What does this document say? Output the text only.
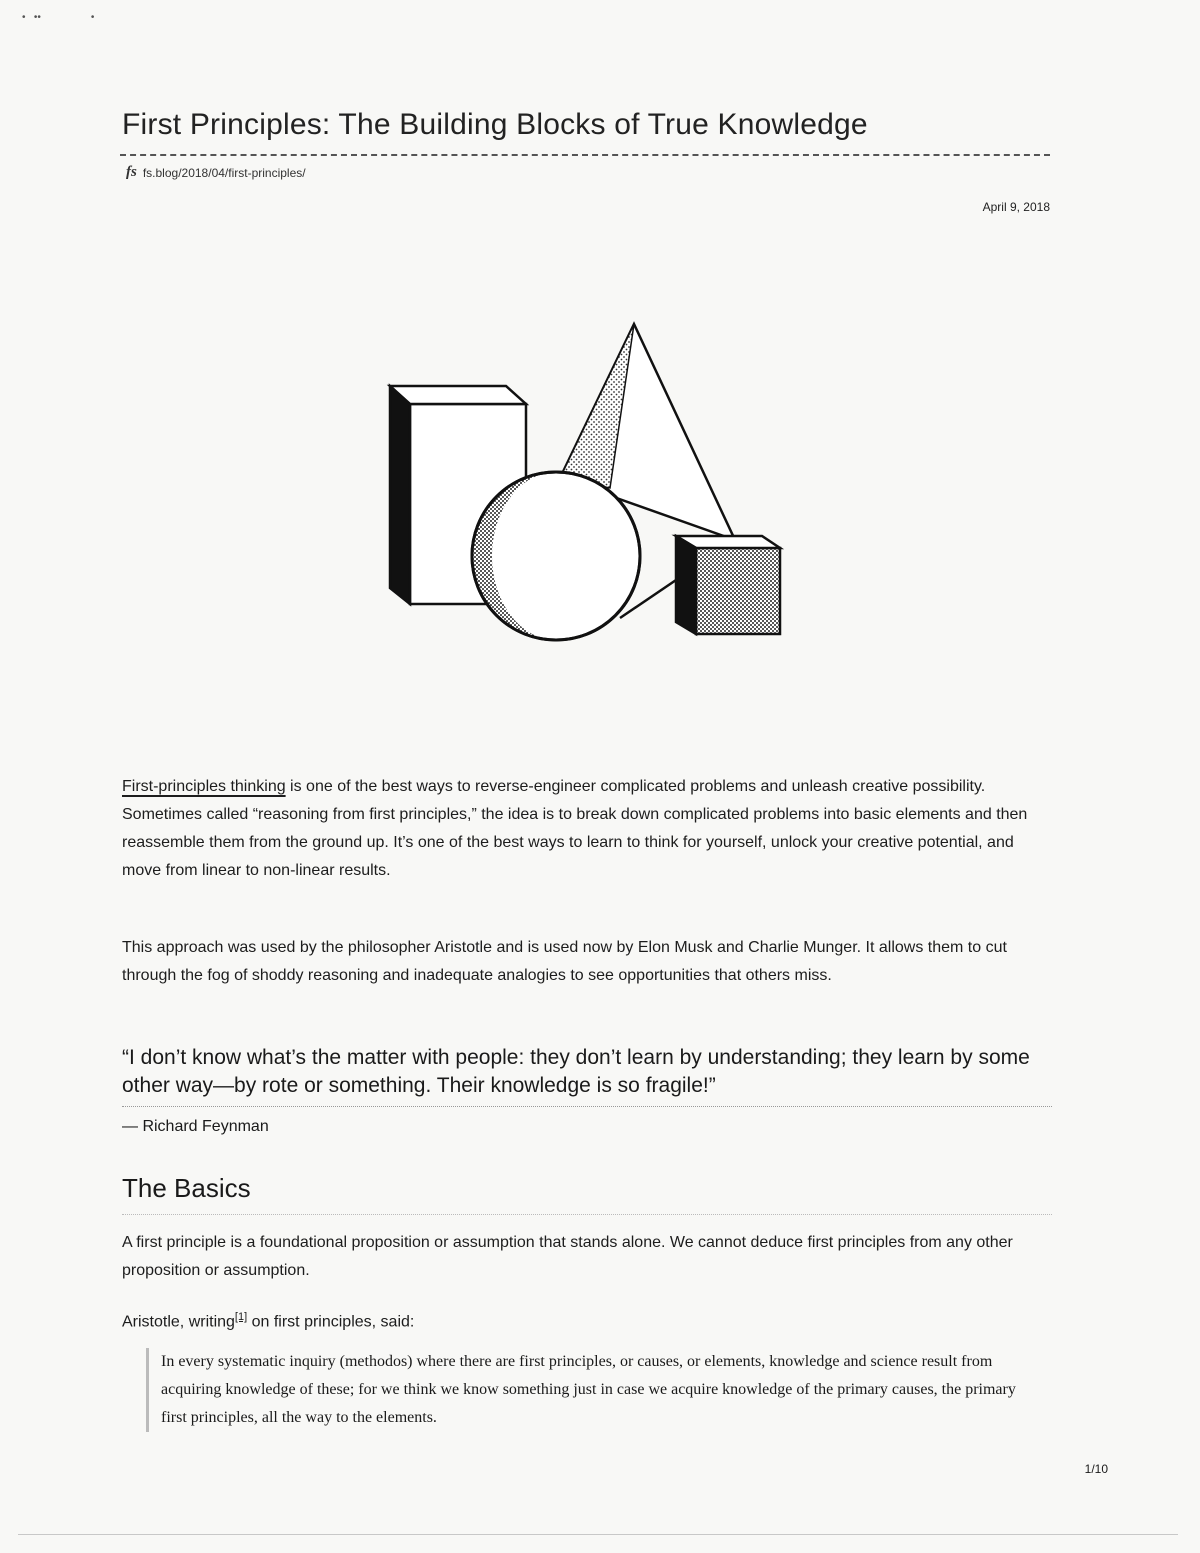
•   ••                  •
First Principles: The Building Blocks of True Knowledge
fs fs.blog/2018/04/first-principles/
April 9, 2018

First-principles thinking is one of the best ways to reverse-engineer complicated problems and unleash creative possibility. Sometimes called “reasoning from first principles,” the idea is to break down complicated problems into basic elements and then reassemble them from the ground up. It’s one of the best ways to learn to think for yourself, unlock your creative potential, and move from linear to non-linear results.

This approach was used by the philosopher Aristotle and is used now by Elon Musk and Charlie Munger. It allows them to cut through the fog of shoddy reasoning and inadequate analogies to see opportunities that others miss.

“I don’t know what’s the matter with people: they don’t learn by understanding; they learn by some other way—by rote or something. Their knowledge is so fragile!”

— Richard Feynman
The Basics

A first principle is a foundational proposition or assumption that stands alone. We cannot deduce first principles from any other proposition or assumption.

Aristotle, writing[1] on first principles, said:

In every systematic inquiry (methodos) where there are first principles, or causes, or elements, knowledge and science result from acquiring knowledge of these; for we think we know something just in case we acquire knowledge of the primary causes, the primary first principles, all the way to the elements.
1/10
